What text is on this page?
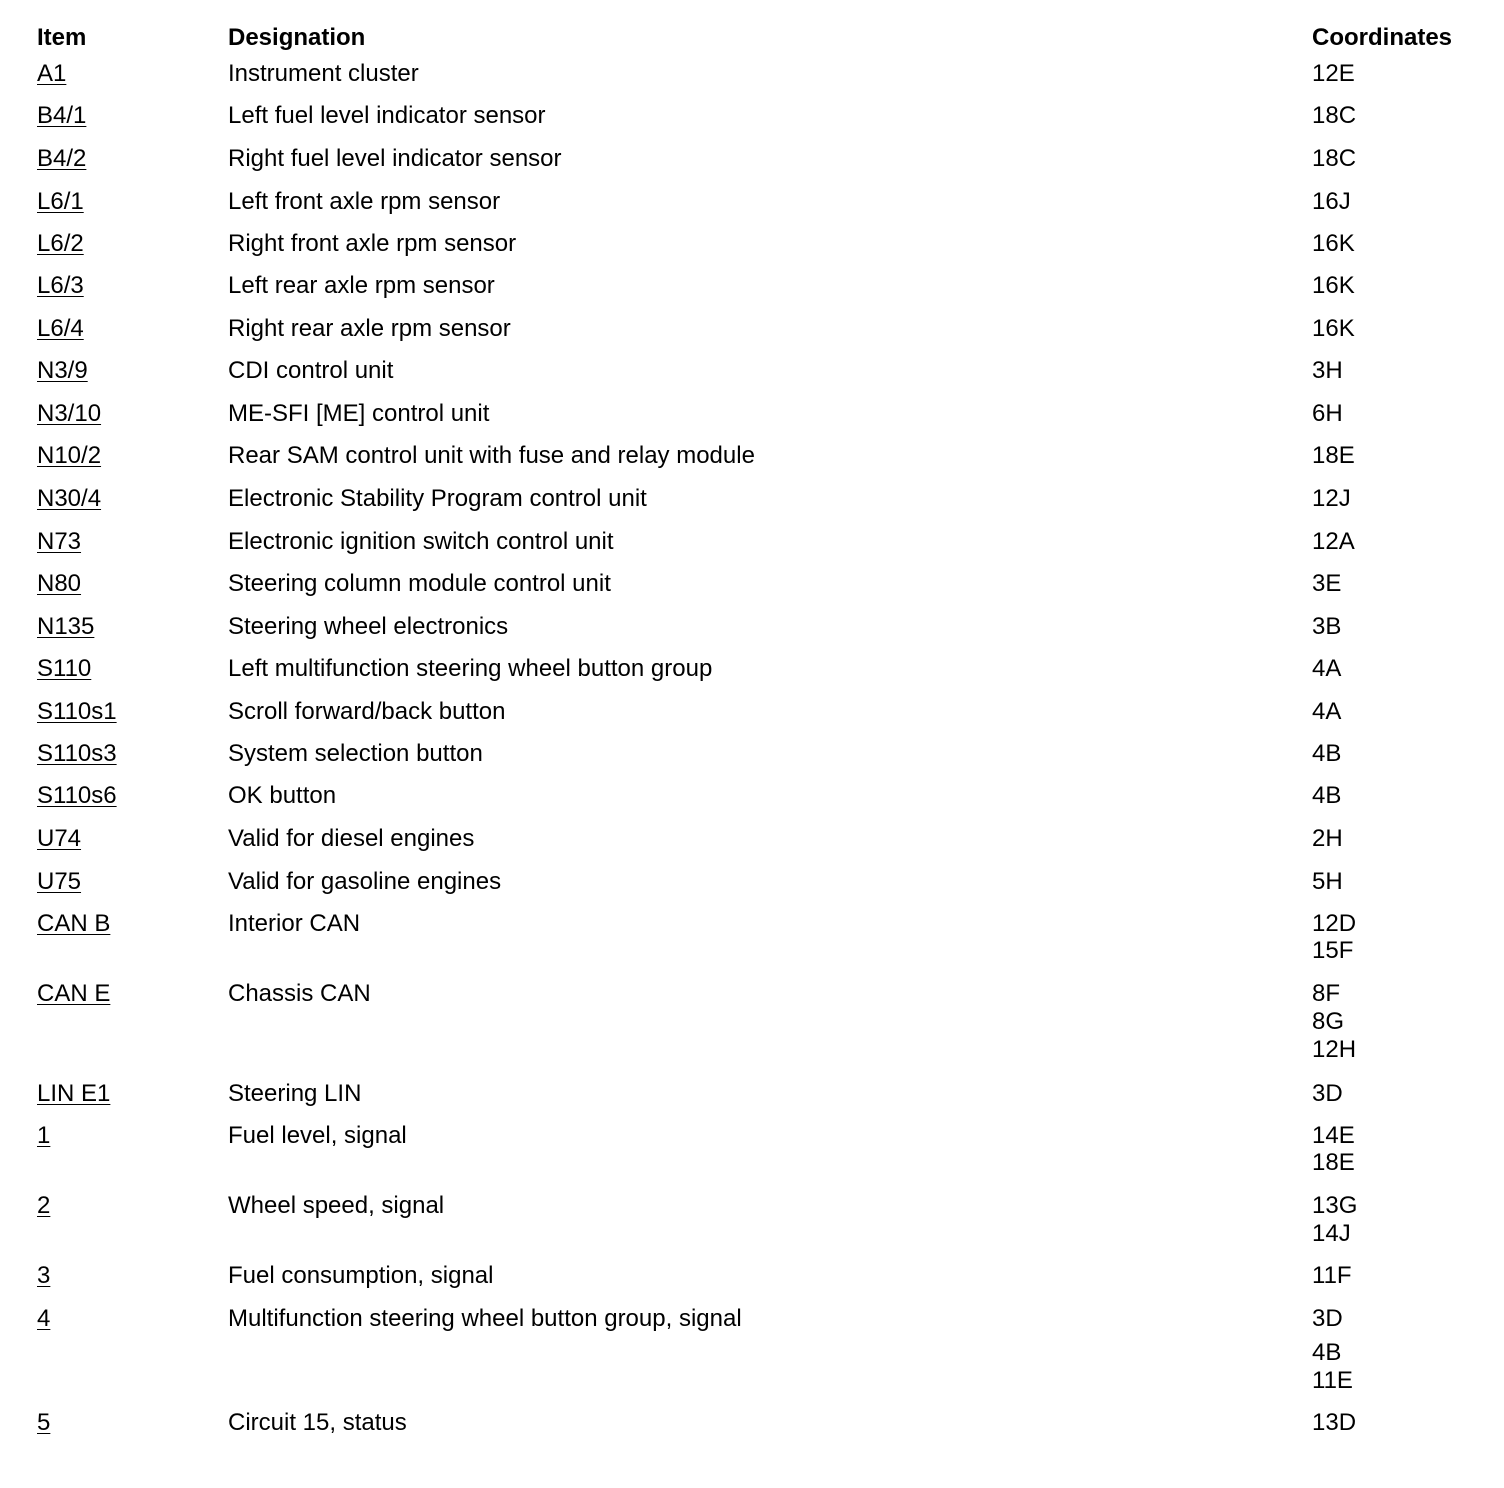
Item	Designation	Coordinates
A1	Instrument cluster	12E
B4/1	Left fuel level indicator sensor	18C
B4/2	Right fuel level indicator sensor	18C
L6/1	Left front axle rpm sensor	16J
L6/2	Right front axle rpm sensor	16K
L6/3	Left rear axle rpm sensor	16K
L6/4	Right rear axle rpm sensor	16K
N3/9	CDI control unit	3H
N3/10	ME-SFI [ME] control unit	6H
N10/2	Rear SAM control unit with fuse and relay module	18E
N30/4	Electronic Stability Program control unit	12J
N73	Electronic ignition switch control unit	12A
N80	Steering column module control unit	3E
N135	Steering wheel electronics	3B
S110	Left multifunction steering wheel button group	4A
S110s1	Scroll forward/back button	4A
S110s3	System selection button	4B
S110s6	OK button	4B
U74	Valid for diesel engines	2H
U75	Valid for gasoline engines	5H
CAN B	Interior CAN	12D
15F
CAN E	Chassis CAN	8F
8G
12H
LIN E1	Steering LIN	3D
1	Fuel level, signal	14E
18E
2	Wheel speed, signal	13G
14J
3	Fuel consumption, signal	11F
4	Multifunction steering wheel button group, signal	3D
4B
11E
5	Circuit 15, status	13D
